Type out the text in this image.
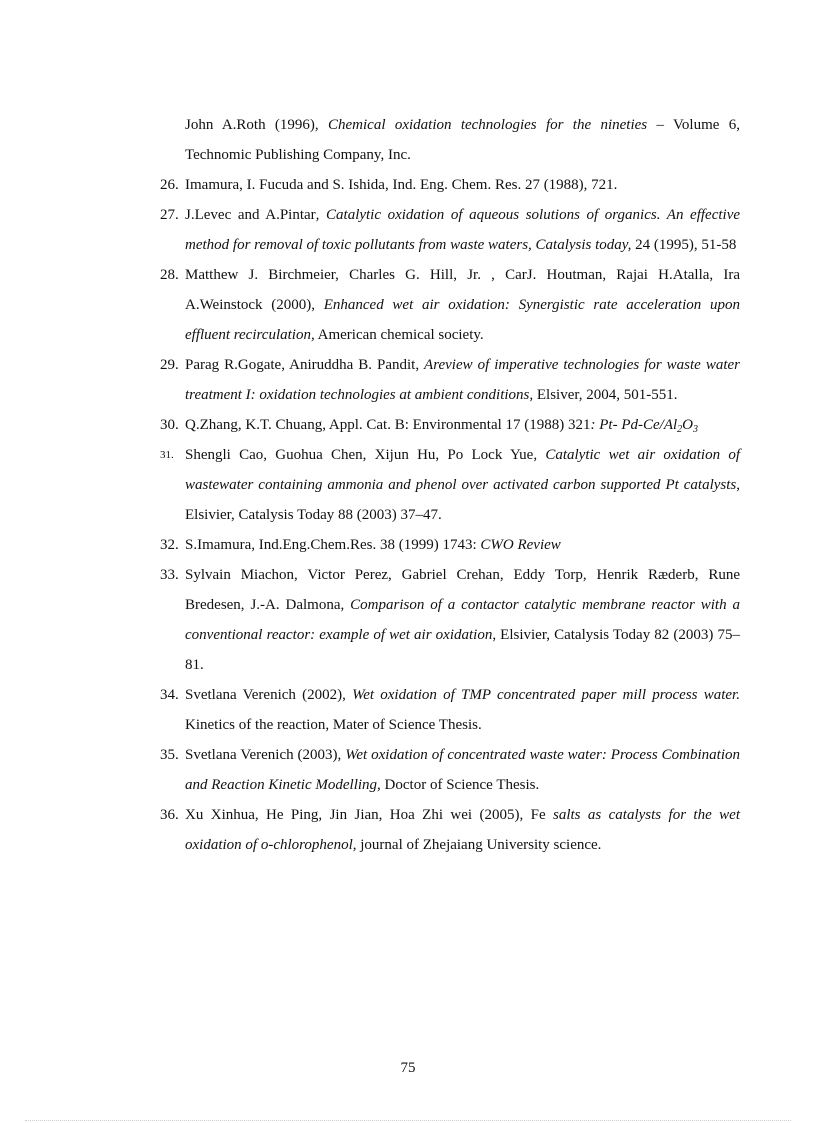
John A.Roth (1996), Chemical oxidation technologies for the nineties – Volume 6, Technomic Publishing Company, Inc.
26. Imamura, I. Fucuda and S. Ishida, Ind. Eng. Chem. Res. 27 (1988), 721.
27. J.Levec and A.Pintar, Catalytic oxidation of aqueous solutions of organics. An effective method for removal of toxic pollutants from waste waters, Catalysis today, 24 (1995), 51-58
28. Matthew J. Birchmeier, Charles G. Hill, Jr. , CarJ. Houtman, Rajai H.Atalla, Ira A.Weinstock (2000), Enhanced wet air oxidation: Synergistic rate acceleration upon effluent recirculation, American chemical society.
29. Parag R.Gogate, Aniruddha B. Pandit, Areview of imperative technologies for waste water treatment I: oxidation technologies at ambient conditions, Elsiver, 2004, 501-551.
30. Q.Zhang, K.T. Chuang, Appl. Cat. B: Environmental 17 (1988) 321: Pt- $Pd-Ce/Al_2O_3$
31. Shengli Cao, Guohua Chen, Xijun Hu, Po Lock Yue, Catalytic wet air oxidation of wastewater containing ammonia and phenol over activated carbon supported Pt catalysts, Elsivier, Catalysis Today 88 (2003) 37–47.
32. S.Imamura, Ind.Eng.Chem.Res. 38 (1999) 1743: CWO Review
33. Sylvain Miachon, Victor Perez, Gabriel Crehan, Eddy Torp, Henrik Ræderb, Rune Bredesen, J.-A. Dalmona, Comparison of a contactor catalytic membrane reactor with a conventional reactor: example of wet air oxidation, Elsivier, Catalysis Today 82 (2003) 75–81.
34. Svetlana Verenich (2002), Wet oxidation of TMP concentrated paper mill process water. Kinetics of the reaction, Mater of Science Thesis.
35. Svetlana Verenich (2003), Wet oxidation of concentrated waste water: Process Combination and Reaction Kinetic Modelling, Doctor of Science Thesis.
36. Xu Xinhua, He Ping, Jin Jian, Hoa Zhi wei (2005), Fe salts as catalysts for the wet oxidation of o-chlorophenol, journal of Zhejaiang University science.
75
